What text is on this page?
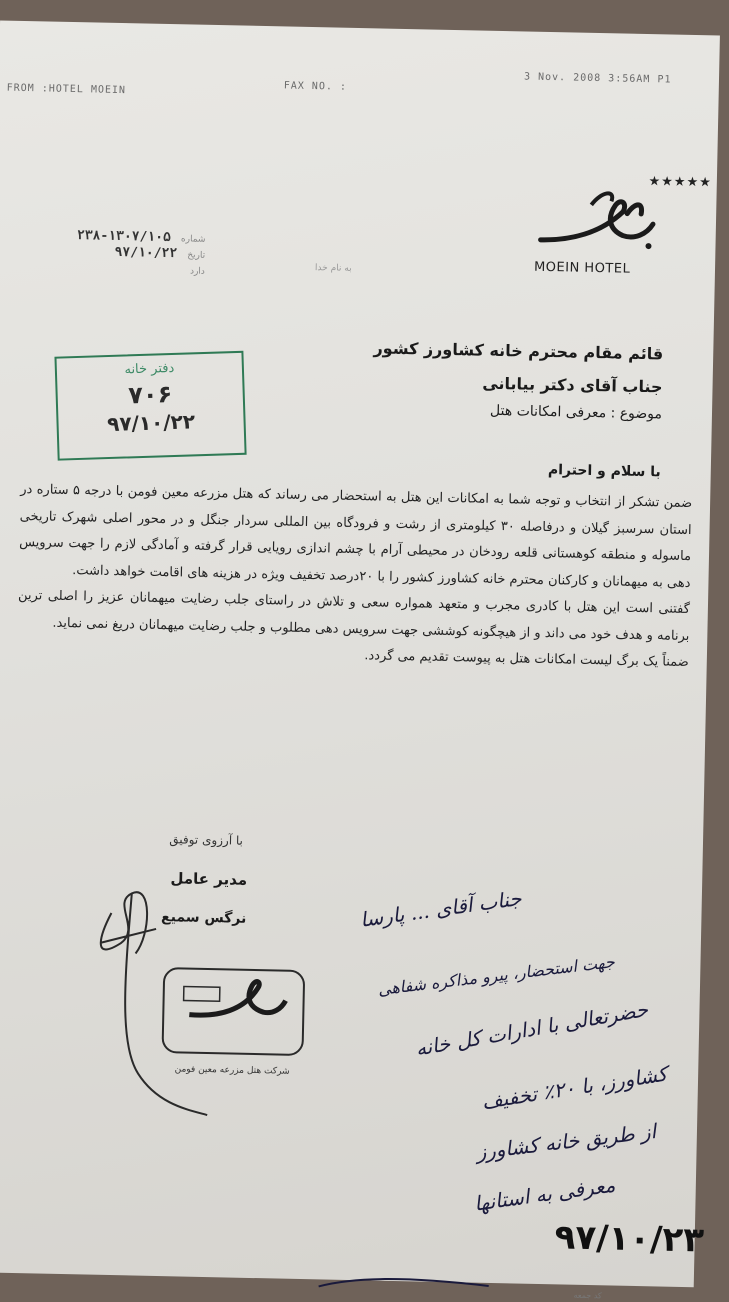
FROM :HOTEL MOEIN	FAX NO. :
3 Nov. 2008 3:56AM P1
★★★★★
MOEIN HOTEL
شماره ۱۳۰۷/۱۰۵-۲۳۸
تاریخ ۹۷/۱۰/۲۲
دارد	به نام خدا
دفتر خانه
۷۰۶
۹۷/۱۰/۲۲
قائم مقام محترم خانه کشاورز کشور
جناب آقای دکتر بیابانی
موضوع : معرفی امکانات هتل
با سلام و احترام

ضمن تشکر از انتخاب و توجه شما به امکانات این هتل به استحضار می رساند که هتل مزرعه معین فومن با درجه ۵ ستاره در استان سرسبز گیلان و درفاصله ۳۰ کیلومتری از رشت و فرودگاه بین المللی سردار جنگل و در محور اصلی شهرک تاریخی ماسوله و منطقه کوهستانی قلعه رودخان در محیطی آرام با چشم اندازی رویایی قرار گرفته و آمادگی لازم را جهت سرویس دهی به میهمانان و کارکنان محترم خانه کشاورز کشور را با ۲۰درصد تخفیف ویژه در هزینه های اقامت خواهد داشت.

گفتنی است این هتل با کادری مجرب و متعهد همواره سعی و تلاش در راستای جلب رضایت میهمانان عزیز را اصلی ترین برنامه و هدف خود می داند و از هیچگونه کوششی جهت سرویس دهی مطلوب و جلب رضایت میهمانان دریغ نمی نماید.

ضمناً یک برگ لیست امکانات هتل به پیوست تقدیم می گردد.

با آرزوی توفیق
مدیر عامل
نرگس سمیع
شرکت هتل مزرعه معین فومن
جناب آقای ... پارسا
جهت استحضار، پیرو مذاکره شفاهی
حضرتعالی با ادارات کل خانه
کشاورز، با ۲۰٪ تخفیف
از طریق خانه کشاورز
معرفی به استانها
۹۷/۱۰/۲۳
کد جمعه
